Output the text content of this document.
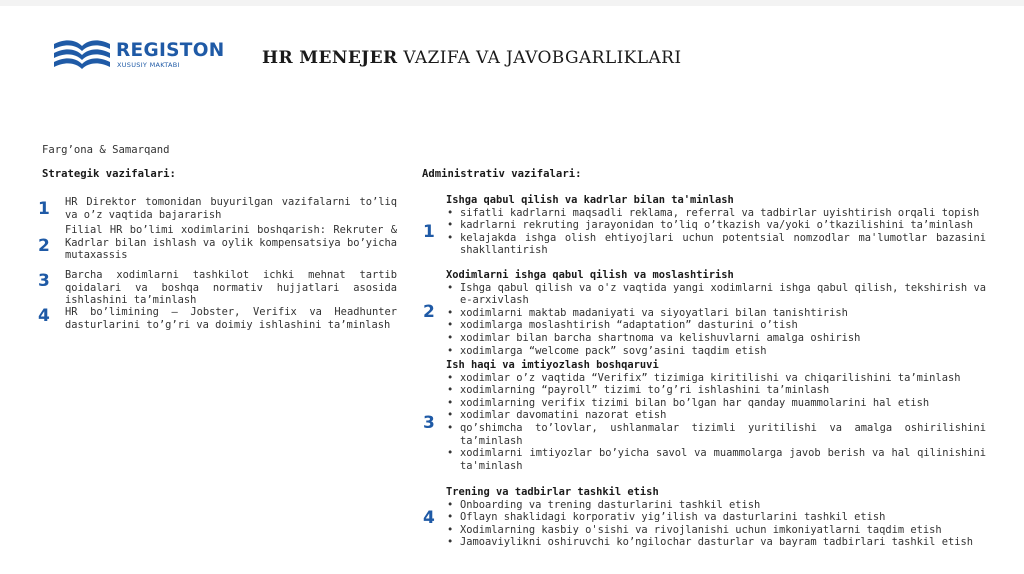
REGISTON
XUSUSIY MAKTABI	HR MENEJER VAZIFA VA JAVOBGARLIKLARI
Farg’ona & Samarqand
Strategik vazifalari:	Administrativ vazifalari:
1 HR Direktor tomonidan buyurilgan vazifalarni to’liq va o’z vaqtida bajararish
2
Filial HR bo’limi xodimlarini boshqarish: Rekruter & Kadrlar bilan ishlash va oylik kompensatsiya bo’yicha mutaxassis
3 Barcha xodimlarni tashkilot ichki mehnat tartib qoidalari va boshqa normativ hujjatlari asosida ishlashini ta’minlash
4 HR bo’limining – Jobster, Verifix va Headhunter dasturlarini to’g’ri va doimiy ishlashini ta’minlash
1
Ishga qabul qilish va kadrlar bilan ta'minlash
• sifatli kadrlarni maqsadli reklama, referral va tadbirlar uyishtirish orqali topish
• kadrlarni rekruting jarayonidan to’liq o’tkazish va/yoki o’tkazilishini ta’minlash
• kelajakda ishga olish ehtiyojlari uchun potentsial nomzodlar ma'lumotlar bazasini shakllantirish
2
Xodimlarni ishga qabul qilish va moslashtirish
• Ishga qabul qilish va o'z vaqtida yangi xodimlarni ishga qabul qilish, tekshirish va e-arxivlash
• xodimlarni maktab madaniyati va siyoyatlari bilan tanishtirish
• xodimlarga moslashtirish “adaptation” dasturini o’tish
• xodimlar bilan barcha shartnoma va kelishuvlarni amalga oshirish
• xodimlarga “welcome pack” sovg’asini taqdim etish
3
Ish haqi va imtiyozlash boshqaruvi
• xodimlar o’z vaqtida “Verifix” tizimiga kiritilishi va chiqarilishini ta’minlash
• xodimlarning “payroll” tizimi to’g’ri ishlashini ta’minlash
• xodimlarning verifix tizimi bilan bo’lgan har qanday muammolarini hal etish
• xodimlar davomatini nazorat etish
• qo’shimcha to’lovlar, ushlanmalar tizimli yuritilishi va amalga oshirilishini ta’minlash
• xodimlarni imtiyozlar bo’yicha savol va muammolarga javob berish va hal qilinishini ta'minlash
4
Trening va tadbirlar tashkil etish
• Onboarding va trening dasturlarini tashkil etish
• Oflayn shaklidagi korporativ yig’ilish va dasturlarini tashkil etish
• Xodimlarning kasbiy o'sishi va rivojlanishi uchun imkoniyatlarni taqdim etish
• Jamoaviylikni oshiruvchi ko’ngilochar dasturlar va bayram tadbirlari tashkil etish
